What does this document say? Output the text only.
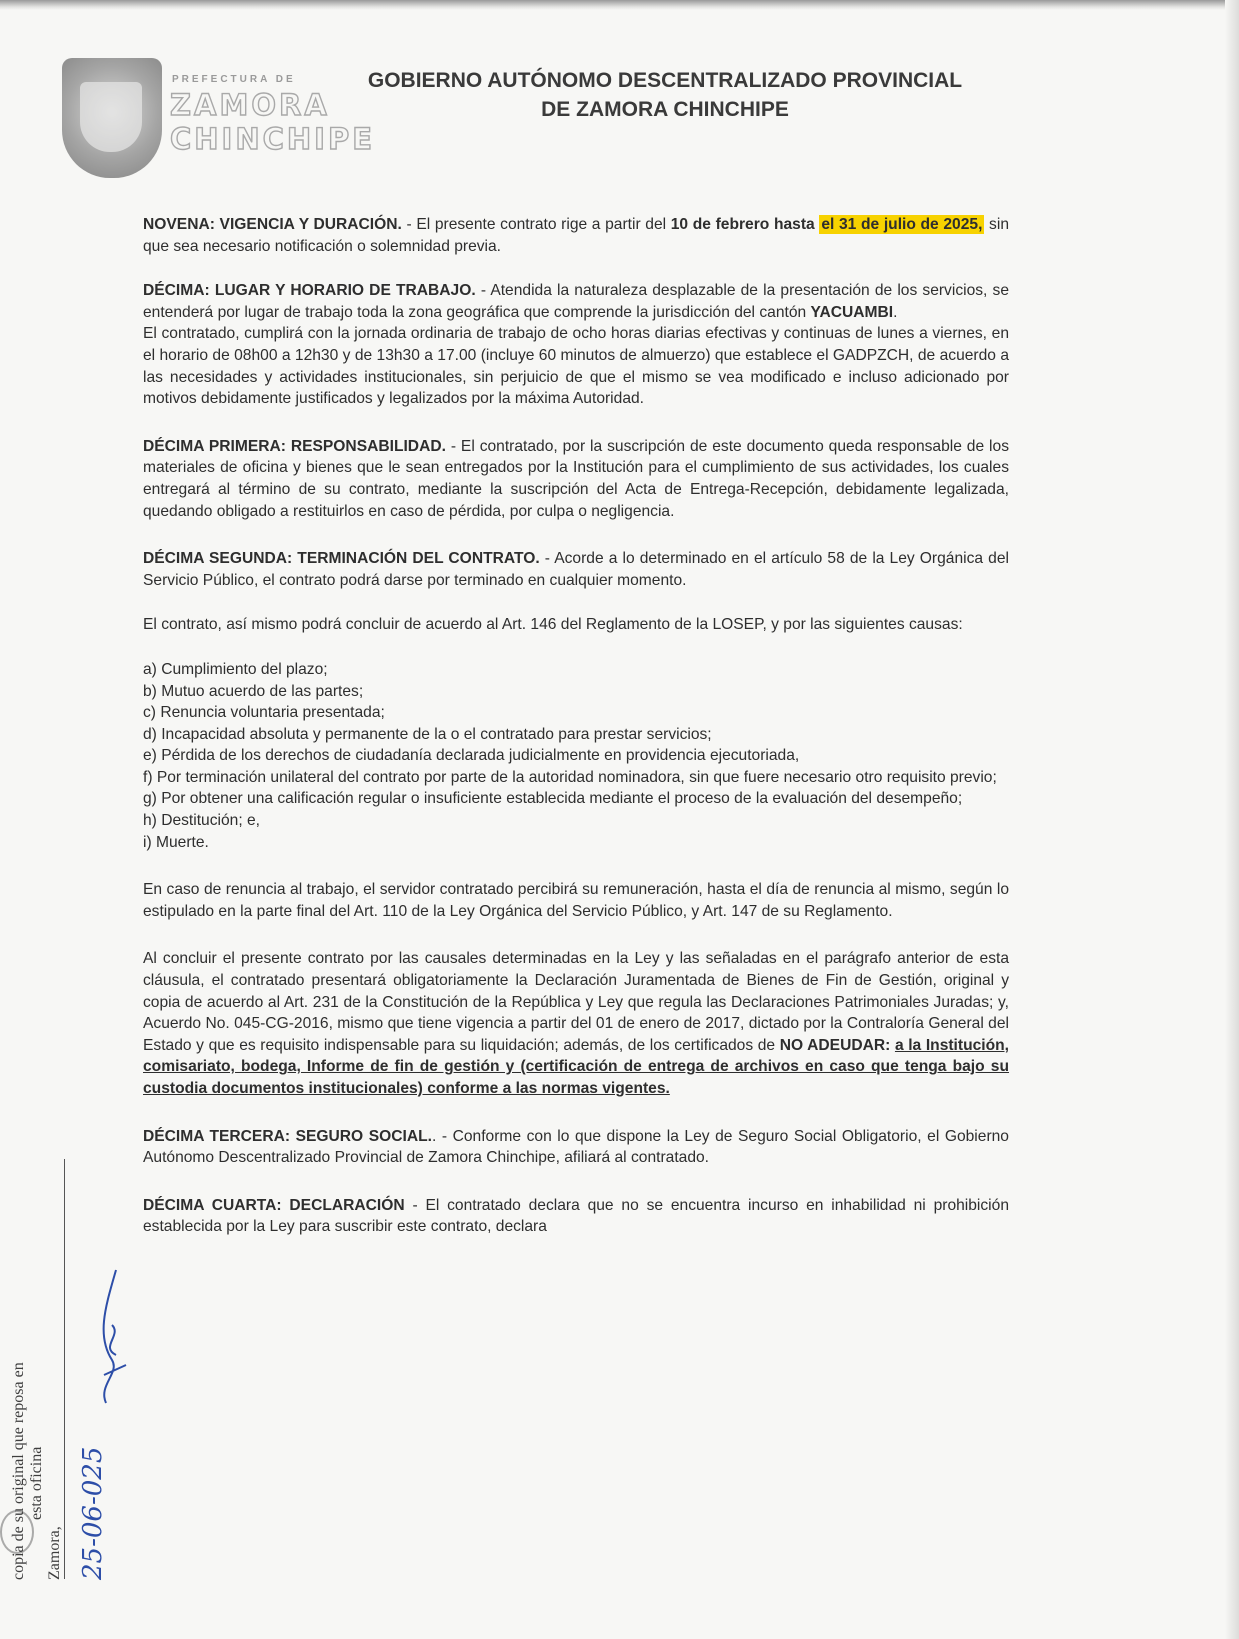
PREFECTURA DE
ZAMORA
CHINCHIPE
GOBIERNO AUTÓNOMO DESCENTRALIZADO PROVINCIAL
DE ZAMORA CHINCHIPE

NOVENA: VIGENCIA Y DURACIÓN. - El presente contrato rige a partir del 10 de febrero hasta el 31 de julio de 2025, sin que sea necesario notificación o solemnidad previa.

DÉCIMA: LUGAR Y HORARIO DE TRABAJO. - Atendida la naturaleza desplazable de la presentación de los servicios, se entenderá por lugar de trabajo toda la zona geográfica que comprende la jurisdicción del cantón YACUAMBI.

El contratado, cumplirá con la jornada ordinaria de trabajo de ocho horas diarias efectivas y continuas de lunes a viernes, en el horario de 08h00 a 12h30 y de 13h30 a 17.00 (incluye 60 minutos de almuerzo) que establece el GADPZCH, de acuerdo a las necesidades y actividades institucionales, sin perjuicio de que el mismo se vea modificado e incluso adicionado por motivos debidamente justificados y legalizados por la máxima Autoridad.

DÉCIMA PRIMERA: RESPONSABILIDAD. - El contratado, por la suscripción de este documento queda responsable de los materiales de oficina y bienes que le sean entregados por la Institución para el cumplimiento de sus actividades, los cuales entregará al término de su contrato, mediante la suscripción del Acta de Entrega-Recepción, debidamente legalizada, quedando obligado a restituirlos en caso de pérdida, por culpa o negligencia.

DÉCIMA SEGUNDA: TERMINACIÓN DEL CONTRATO. - Acorde a lo determinado en el artículo 58 de la Ley Orgánica del Servicio Público, el contrato podrá darse por terminado en cualquier momento.

El contrato, así mismo podrá concluir de acuerdo al Art. 146 del Reglamento de la LOSEP, y por las siguientes causas:

a) Cumplimiento del plazo;

b) Mutuo acuerdo de las partes;

c) Renuncia voluntaria presentada;

d) Incapacidad absoluta y permanente de la o el contratado para prestar servicios;

e) Pérdida de los derechos de ciudadanía declarada judicialmente en providencia ejecutoriada,

f) Por terminación unilateral del contrato por parte de la autoridad nominadora, sin que fuere necesario otro requisito previo;

g) Por obtener una calificación regular o insuficiente establecida mediante el proceso de la evaluación del desempeño;

h) Destitución; e,

i) Muerte.

En caso de renuncia al trabajo, el servidor contratado percibirá su remuneración, hasta el día de renuncia al mismo, según lo estipulado en la parte final del Art. 110 de la Ley Orgánica del Servicio Público, y Art. 147 de su Reglamento.

Al concluir el presente contrato por las causales determinadas en la Ley y las señaladas en el parágrafo anterior de esta cláusula, el contratado presentará obligatoriamente la Declaración Juramentada de Bienes de Fin de Gestión, original y copia de acuerdo al Art. 231 de la Constitución de la República y Ley que regula las Declaraciones Patrimoniales Juradas; y, Acuerdo No. 045-CG-2016, mismo que tiene vigencia a partir del 01 de enero de 2017, dictado por la Contraloría General del Estado y que es requisito indispensable para su liquidación; además, de los certificados de NO ADEUDAR: a la Institución, comisariato, bodega, Informe de fin de gestión y (certificación de entrega de archivos en caso que tenga bajo su custodia documentos institucionales) conforme a las normas vigentes.

DÉCIMA TERCERA: SEGURO SOCIAL.. - Conforme con lo que dispone la Ley de Seguro Social Obligatorio, el Gobierno Autónomo Descentralizado Provincial de Zamora Chinchipe, afiliará al contratado.

DÉCIMA CUARTA: DECLARACIÓN - El contratado declara que no se encuentra incurso en inhabilidad ni prohibición establecida por la Ley para suscribir este contrato, declara

copia de su original que reposa en esta oficina
Zamora, 25-06-025
